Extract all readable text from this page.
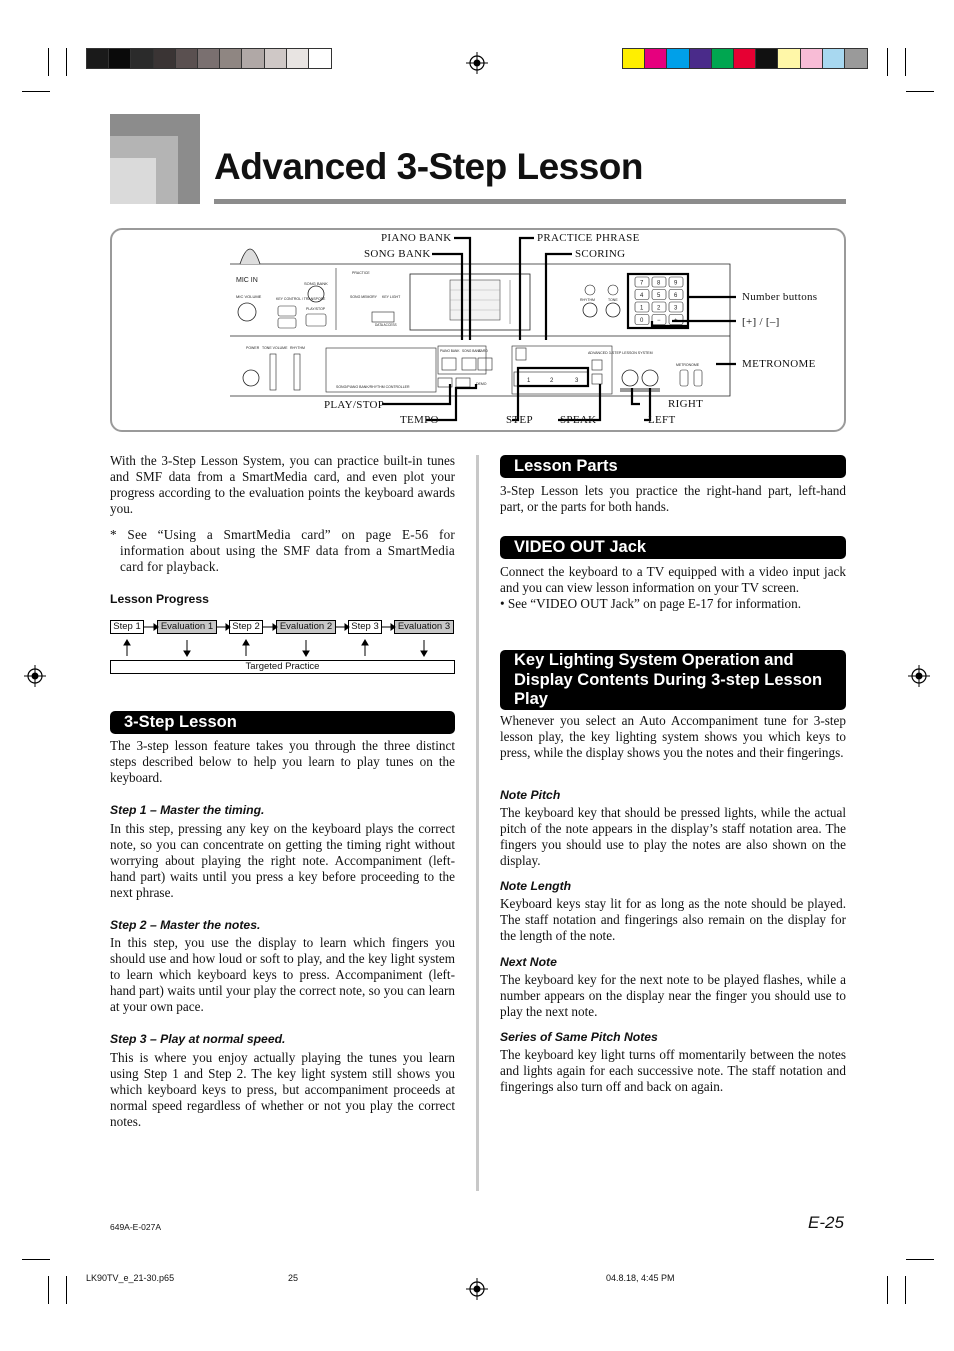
Advanced 3-Step Lesson
MIC IN
MIC VOLUME
SONG BANK
KEY CONTROL / TRANSPOSE
PLAY/STOP
PRACTICE
SONG MEMORY KEY LIGHT
DATA ACCESS
RHYTHM	TONE
7 8 9
4 5 6
1 2 3
0 − +
POWER TONE VOLUME RHYTHM
SONG/PIANO BANK/RHYTHM CONTROLLER
PIANO BANK SONG BANK
CARD
DEMO	1	2	3
ADVANCED 3-STEP LESSON SYSTEM
METRONOME
PIANO BANK
SONG BANK
PRACTICE PHRASE
SCORING
Number buttons
[+] / [–]
METRONOME
PLAY/STOP
TEMPO	STEP SPEAK
RIGHT
LEFT

With the 3-Step Lesson System, you can practice built-in tunes and SMF data from a SmartMedia card, and even plot your progress according to the evaluation points the keyboard awards you.

* See “Using a SmartMedia card” on page E-56 for information about using the SMF data from a SmartMedia card for playback.

Lesson Progress
Step 1	Evaluation 1	Step 2	Evaluation 2	Step 3	Evaluation 3
Targeted Practice
3-Step Lesson

The 3-step lesson feature takes you through the three distinct steps described below to help you learn to play tunes on the keyboard.

Step 1 – Master the timing.

In this step, pressing any key on the keyboard plays the correct note, so you can concentrate on getting the timing right without worrying about playing the right note. Accompaniment (left-hand part) waits until you press a key before proceeding to the next phrase.

Step 2 – Master the notes.

In this step, you use the display to learn which fingers you should use and how loud or soft to play, and the key light system to learn which keyboard keys to press. Accompaniment (left-hand part) waits until your play the correct note, so you can learn at your own pace.

Step 3 – Play at normal speed.

This is where you enjoy actually playing the tunes you learn using Step 1 and Step 2. The key light system still shows you which keyboard keys to press, but accompaniment proceeds at normal speed regardless of whether or not you play the correct notes.

Lesson Parts

3-Step Lesson lets you practice the right-hand part, left-hand part, or the parts for both hands.

VIDEO OUT Jack

Connect the keyboard to a TV equipped with a video input jack and you can view lesson information on your TV screen.

• See “VIDEO OUT Jack” on page E-17 for information.

Key Lighting System Operation and Display Contents During 3-step Lesson Play

Whenever you select an Auto Accompaniment tune for 3-step lesson play, the key lighting system shows you which keys to press, while the display shows you the notes and their fingerings.

Note Pitch

The keyboard key that should be pressed lights, while the actual pitch of the note appears in the display’s staff notation area. The fingers you should use to play the notes are also shown on the display.

Note Length

Keyboard keys stay lit for as long as the note should be played. The staff notation and fingerings also remain on the display for the length of the note.

Next Note

The keyboard key for the next note to be played flashes, while a number appears on the display near the finger you should use to play the next note.

Series of Same Pitch Notes

The keyboard key light turns off momentarily between the notes and lights again for each successive note. The staff notation and fingerings also turn off and back on again.

649A-E-027A	E-25
LK90TV_e_21-30.p65	25	04.8.18, 4:45 PM
